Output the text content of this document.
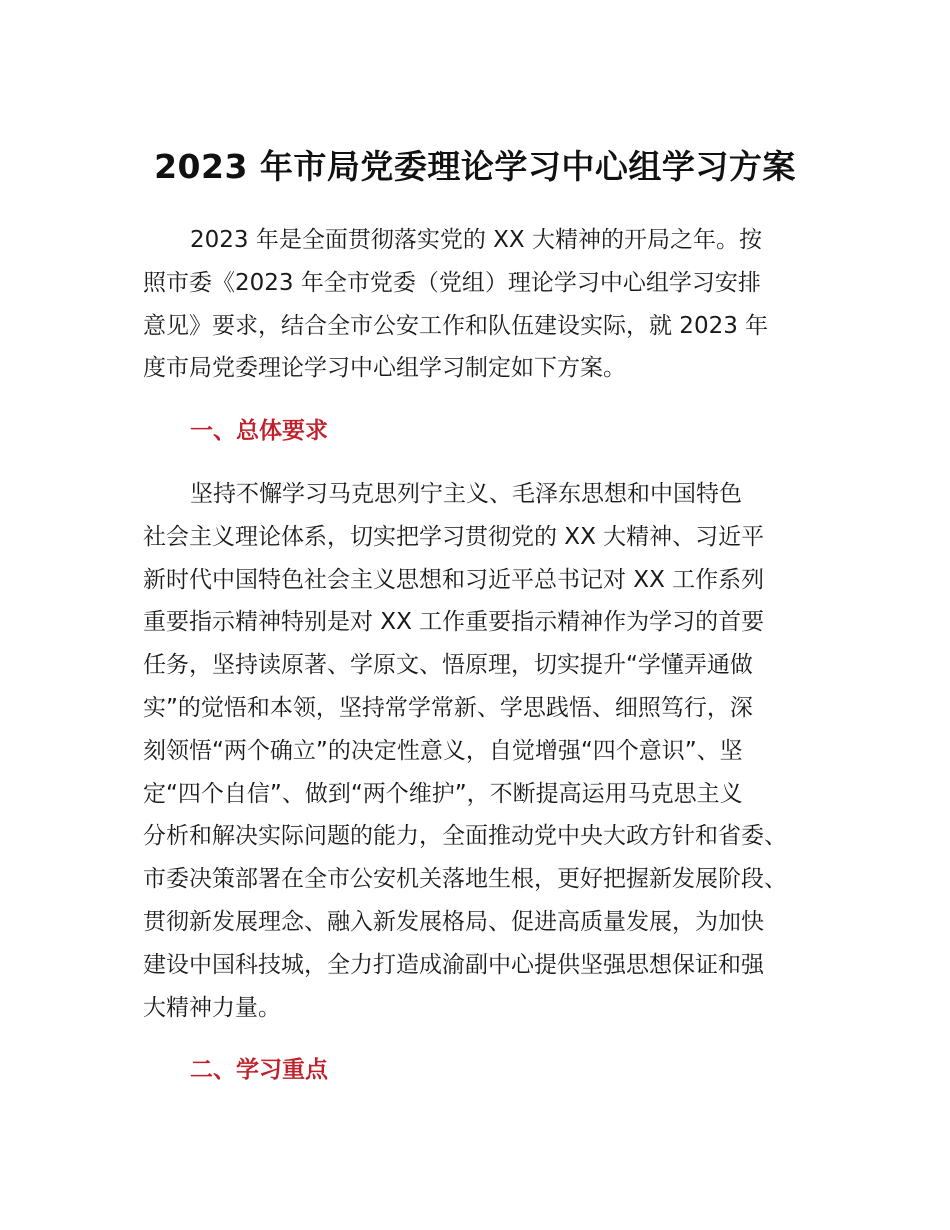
2023 年市局党委理论学习中心组学习方案
2023 年是全面贯彻落实党的 XX 大精神的开局之年。按
照市委《2023 年全市党委（党组）理论学习中心组学习安排
意见》要求，结合全市公安工作和队伍建设实际，就 2023 年
度市局党委理论学习中心组学习制定如下方案。
一、总体要求
坚持不懈学习马克思列宁主义、毛泽东思想和中国特色
社会主义理论体系，切实把学习贯彻党的 XX 大精神、习近平
新时代中国特色社会主义思想和习近平总书记对 XX 工作系列
重要指示精神特别是对 XX 工作重要指示精神作为学习的首要
任务，坚持读原著、学原文、悟原理，切实提升“学懂弄通做
实”的觉悟和本领，坚持常学常新、学思践悟、细照笃行，深
刻领悟“两个确立”的决定性意义，自觉增强“四个意识”、坚
定“四个自信”、做到“两个维护”，不断提高运用马克思主义
分析和解决实际问题的能力，全面推动党中央大政方针和省委、
市委决策部署在全市公安机关落地生根，更好把握新发展阶段、
贯彻新发展理念、融入新发展格局、促进高质量发展，为加快
建设中国科技城，全力打造成渝副中心提供坚强思想保证和强
大精神力量。
二、学习重点
